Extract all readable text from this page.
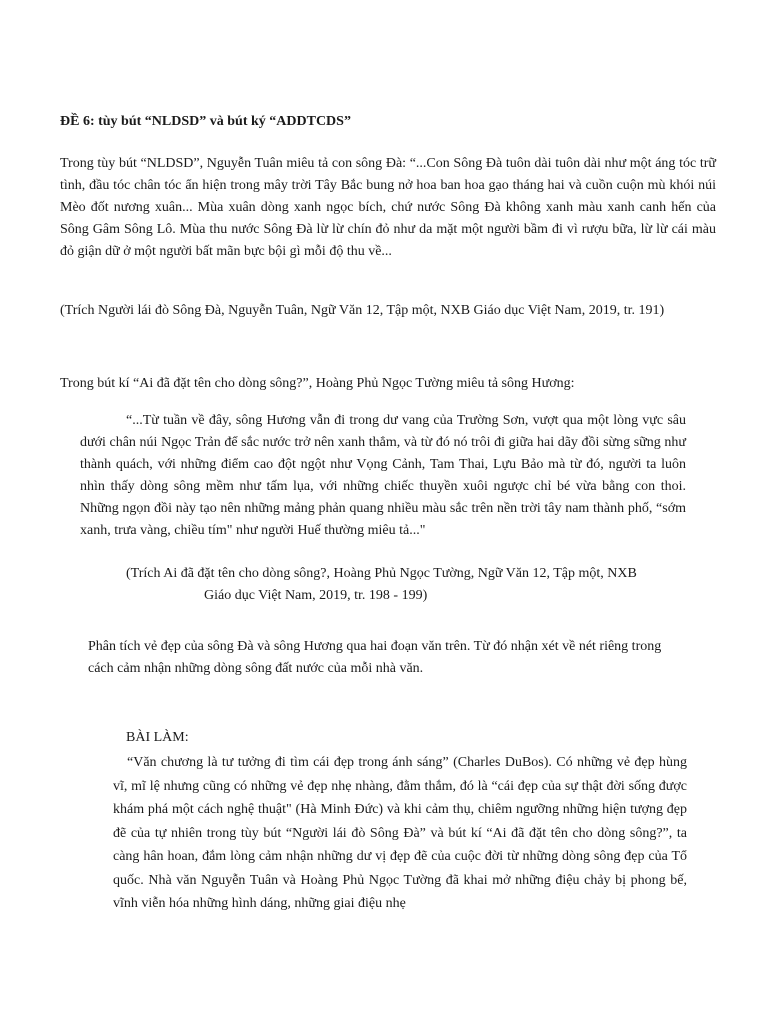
ĐỀ 6: tùy bút “NLDSD” và bút ký “ADDTCDS”

Trong tùy bút “NLDSD”, Nguyễn Tuân miêu tả con sông Đà: “...Con Sông Đà tuôn dài tuôn dài như một áng tóc trữ tình, đầu tóc chân tóc ẩn hiện trong mây trời Tây Bắc bung nở hoa ban hoa gạo tháng hai và cuồn cuộn mù khói núi Mèo đốt nương xuân... Mùa xuân dòng xanh ngọc bích, chứ nước Sông Đà không xanh màu xanh canh hến của Sông Gâm Sông Lô. Mùa thu nước Sông Đà lừ lừ chín đỏ như da mặt một người bầm đi vì rượu bữa, lừ lừ cái màu đỏ giận dữ ở một người bất mãn bực bội gì mỗi độ thu về...

(Trích Người lái đò Sông Đà, Nguyễn Tuân, Ngữ Văn 12, Tập một, NXB Giáo dục Việt Nam, 2019, tr. 191)

Trong bút kí “Ai đã đặt tên cho dòng sông?”, Hoàng Phủ Ngọc Tường miêu tả sông Hương:

“...Từ tuần về đây, sông Hương vẫn đi trong dư vang của Trường Sơn, vượt qua một lòng vực sâu dưới chân núi Ngọc Trản để sắc nước trở nên xanh thẳm, và từ đó nó trôi đi giữa hai dãy đồi sừng sững như thành quách, với những điểm cao đột ngột như Vọng Cảnh, Tam Thai, Lựu Bảo mà từ đó, người ta luôn nhìn thấy dòng sông mềm như tấm lụa, với những chiếc thuyền xuôi ngược chỉ bé vừa bằng con thoi. Những ngọn đồi này tạo nên những mảng phản quang nhiều màu sắc trên nền trời tây nam thành phố, “sớm xanh, trưa vàng, chiều tím" như người Huế thường miêu tả..."

(Trích Ai đã đặt tên cho dòng sông?, Hoàng Phủ Ngọc Tường, Ngữ Văn 12, Tập một, NXB
Giáo dục Việt Nam, 2019, tr. 198 - 199)

Phân tích vẻ đẹp của sông Đà và sông Hương qua hai đoạn văn trên. Từ đó nhận xét về nét riêng trong cách cảm nhận những dòng sông đất nước của mỗi nhà văn.

BÀI LÀM:

“Văn chương là tư tưởng đi tìm cái đẹp trong ánh sáng” (Charles DuBos). Có những vẻ đẹp hùng vĩ, mĩ lệ nhưng cũng có những vẻ đẹp nhẹ nhàng, đằm thắm, đó là “cái đẹp của sự thật đời sống được khám phá một cách nghệ thuật" (Hà Minh Đức) và khi cảm thụ, chiêm ngưỡng những hiện tượng đẹp đẽ của tự nhiên trong tùy bút “Người lái đò Sông Đà” và bút kí “Ai đã đặt tên cho dòng sông?”, ta càng hân hoan, đắm lòng cảm nhận những dư vị đẹp đẽ của cuộc đời từ những dòng sông đẹp của Tổ quốc. Nhà văn Nguyễn Tuân và Hoàng Phủ Ngọc Tường đã khai mở những điệu chảy bị phong bế, vĩnh viễn hóa những hình dáng, những giai điệu nhẹ
